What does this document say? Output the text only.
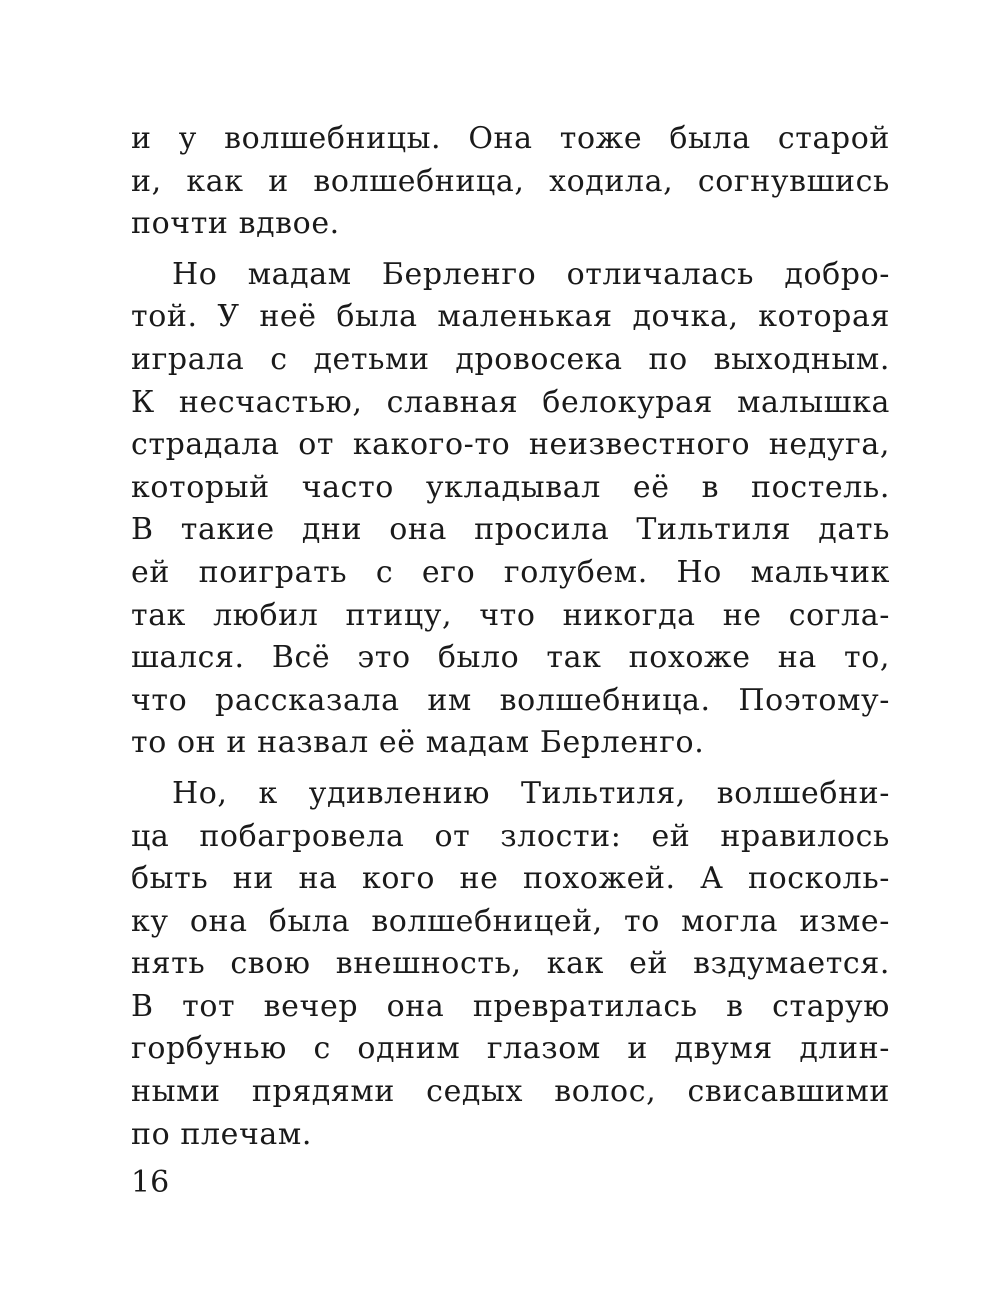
и у волшебницы. Она тоже была старой
и, как и волшебница, ходила, согнувшись
почти вдвое.
Но мадам Берленго отличалась добро-
той. У неё была маленькая дочка, которая
играла с детьми дровосека по выходным.
К несчастью, славная белокурая малышка
страдала от какого-то неизвестного недуга,
который часто укладывал её в постель.
В такие дни она просила Тильтиля дать
ей поиграть с его голубем. Но мальчик
так любил птицу, что никогда не согла-
шался. Всё это было так похоже на то,
что рассказала им волшебница. Поэтому-
то он и назвал её мадам Берленго.
Но, к удивлению Тильтиля, волшебни-
ца побагровела от злости: ей нравилось
быть ни на кого не похожей. А посколь-
ку она была волшебницей, то могла изме-
нять свою внешность, как ей вздумается.
В тот вечер она превратилась в старую
горбунью с одним глазом и двумя длин-
ными прядями седых волос, свисавшими
по плечам.
16
